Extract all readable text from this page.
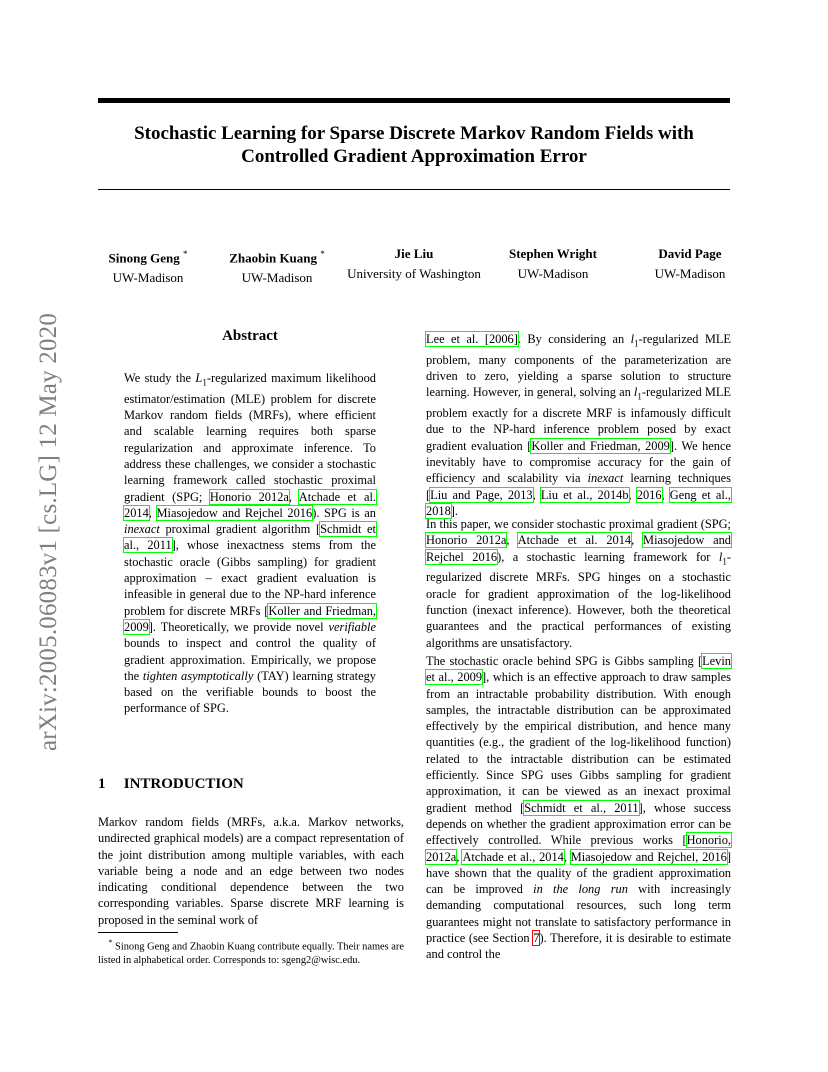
Stochastic Learning for Sparse Discrete Markov Random Fields with
Controlled Gradient Approximation Error
Sinong Geng *
UW-Madison
Zhaobin Kuang *
UW-Madison
Jie Liu
University of Washington
Stephen Wright
UW-Madison
David Page
UW-Madison
arXiv:2005.06083v1 [cs.LG] 12 May 2020	Abstract
We study the $L_1$-regularized maximum likelihood estimator/estimation (MLE) problem for discrete Markov random fields (MRFs), where efficient and scalable learning requires both sparse regularization and approximate inference. To address these challenges, we consider a stochastic learning framework called stochastic proximal gradient (SPG; Honorio 2012a, Atchade et al. 2014, Miasojedow and Rejchel 2016). SPG is an inexact proximal gradient algorithm [Schmidt et al., 2011], whose inexactness stems from the stochastic oracle (Gibbs sampling) for gradient approximation – exact gradient evaluation is infeasible in general due to the NP-hard inference problem for discrete MRFs [Koller and Friedman, 2009]. Theoretically, we provide novel verifiable bounds to inspect and control the quality of gradient approximation. Empirically, we propose the tighten asymptotically (TAY) learning strategy based on the verifiable bounds to boost the performance of SPG.
1 INTRODUCTION
Markov random fields (MRFs, a.k.a. Markov networks, undirected graphical models) are a compact representation of the joint distribution among multiple variables, with each variable being a node and an edge between two nodes indicating conditional dependence between the two corresponding variables. Sparse discrete MRF learning is proposed in the seminal work of
* Sinong Geng and Zhaobin Kuang contribute equally. Their names are listed in alphabetical order. Corresponds to: sgeng2@wisc.edu.
Lee et al. [2006]. By considering an $l_1$-regularized MLE problem, many components of the parameterization are driven to zero, yielding a sparse solution to structure learning. However, in general, solving an $l_1$-regularized MLE problem exactly for a discrete MRF is infamously difficult due to the NP-hard inference problem posed by exact gradient evaluation [Koller and Friedman, 2009]. We hence inevitably have to compromise accuracy for the gain of efficiency and scalability via inexact learning techniques [Liu and Page, 2013, Liu et al., 2014b, 2016, Geng et al., 2018].
In this paper, we consider stochastic proximal gradient (SPG; Honorio 2012a, Atchade et al. 2014, Miasojedow and Rejchel 2016), a stochastic learning framework for $l_1$-regularized discrete MRFs. SPG hinges on a stochastic oracle for gradient approximation of the log-likelihood function (inexact inference). However, both the theoretical guarantees and the practical performances of existing algorithms are unsatisfactory.
The stochastic oracle behind SPG is Gibbs sampling [Levin et al., 2009], which is an effective approach to draw samples from an intractable probability distribution. With enough samples, the intractable distribution can be approximated effectively by the empirical distribution, and hence many quantities (e.g., the gradient of the log-likelihood function) related to the intractable distribution can be estimated efficiently. Since SPG uses Gibbs sampling for gradient approximation, it can be viewed as an inexact proximal gradient method [Schmidt et al., 2011], whose success depends on whether the gradient approximation error can be effectively controlled. While previous works [Honorio, 2012a, Atchade et al., 2014, Miasojedow and Rejchel, 2016] have shown that the quality of the gradient approximation can be improved in the long run with increasingly demanding computational resources, such long term guarantees might not translate to satisfactory performance in practice (see Section 7). Therefore, it is desirable to estimate and control the
